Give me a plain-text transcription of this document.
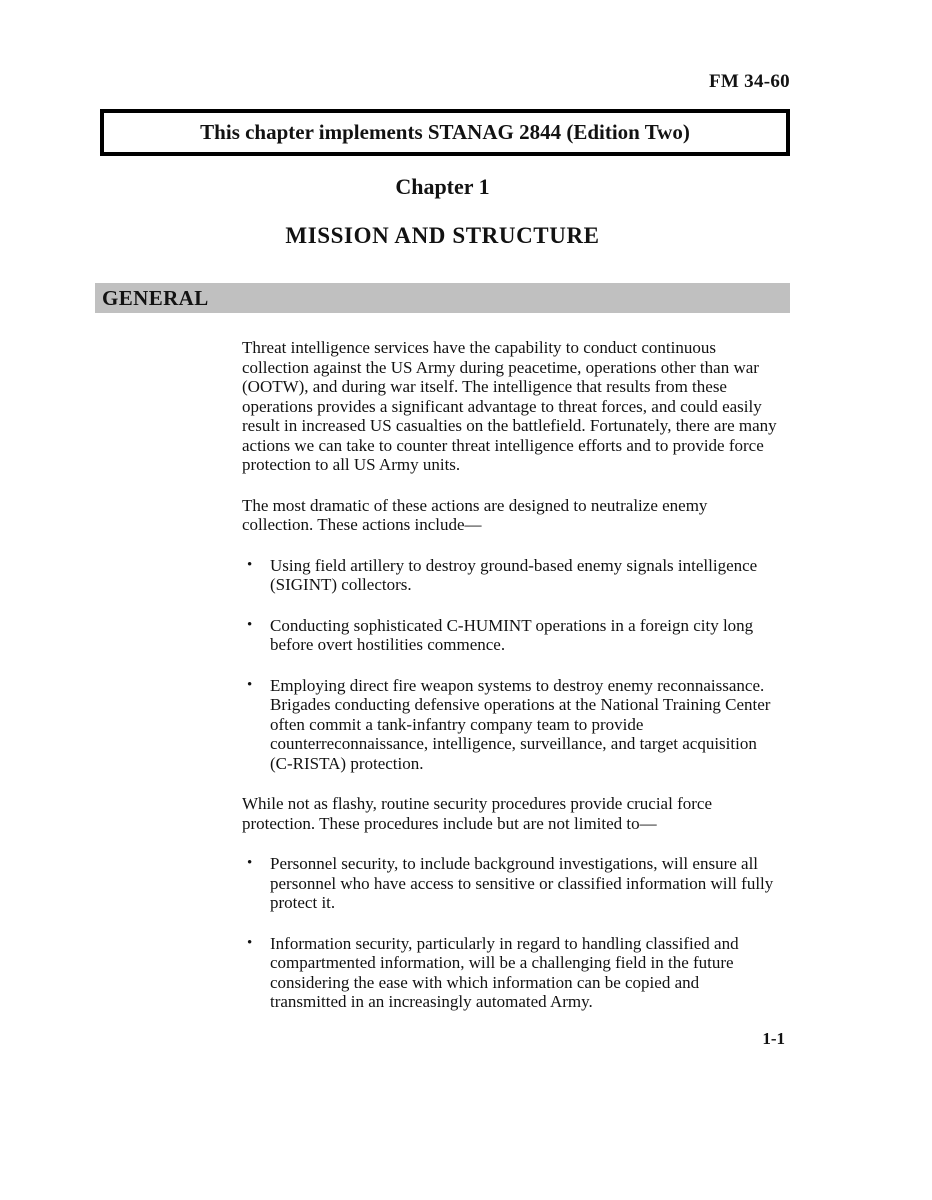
FM 34-60
This chapter implements STANAG 2844 (Edition Two)
Chapter 1
MISSION AND STRUCTURE
GENERAL

Threat intelligence services have the capability to conduct continuous collection against the US Army during peacetime, operations other than war (OOTW), and during war itself. The intelligence that results from these operations provides a significant advantage to threat forces, and could easily result in increased US casualties on the battlefield. Fortunately, there are many actions we can take to counter threat intelligence efforts and to provide force protection to all US Army units.

The most dramatic of these actions are designed to neutralize enemy collection. These actions include—

• Using field artillery to destroy ground-based enemy signals intelligence (SIGINT) collectors.
• Conducting sophisticated C-HUMINT operations in a foreign city long before overt hostilities commence.
• Employing direct fire weapon systems to destroy enemy reconnaissance. Brigades conducting defensive operations at the National Training Center often commit a tank-infantry company team to provide counterreconnaissance, intelligence, surveillance, and target acquisition (C-RISTA) protection.

While not as flashy, routine security procedures provide crucial force protection. These procedures include but are not limited to—

• Personnel security, to include background investigations, will ensure all personnel who have access to sensitive or classified information will fully protect it.
• Information security, particularly in regard to handling classified and compartmented information, will be a challenging field in the future considering the ease with which information can be copied and transmitted in an increasingly automated Army.
1-1
